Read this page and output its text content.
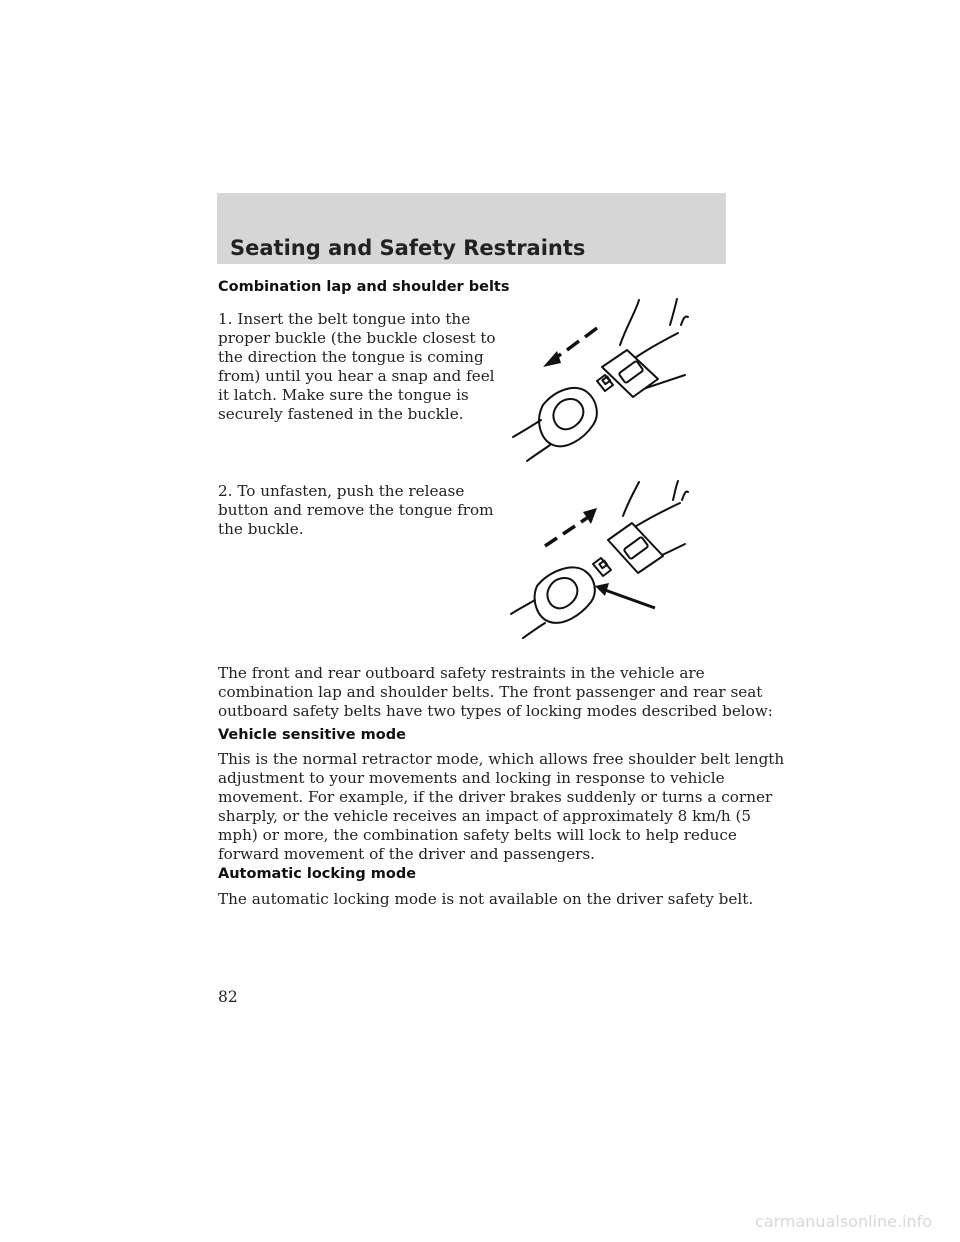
Seating and Safety Restraints
Combination lap and shoulder belts
1. Insert the belt tongue into the
proper buckle (the buckle closest to
the direction the tongue is coming
from) until you hear a snap and feel
it latch. Make sure the tongue is
securely fastened in the buckle.
2. To unfasten, push the release
button and remove the tongue from
the buckle.
The front and rear outboard safety restraints in the vehicle are
combination lap and shoulder belts. The front passenger and rear seat
outboard safety belts have two types of locking modes described below:
Vehicle sensitive mode
This is the normal retractor mode, which allows free shoulder belt length
adjustment to your movements and locking in response to vehicle
movement. For example, if the driver brakes suddenly or turns a corner
sharply, or the vehicle receives an impact of approximately 8 km/h (5
mph) or more, the combination safety belts will lock to help reduce
forward movement of the driver and passengers.
Automatic locking mode
The automatic locking mode is not available on the driver safety belt.
82
carmanualsonline.info
